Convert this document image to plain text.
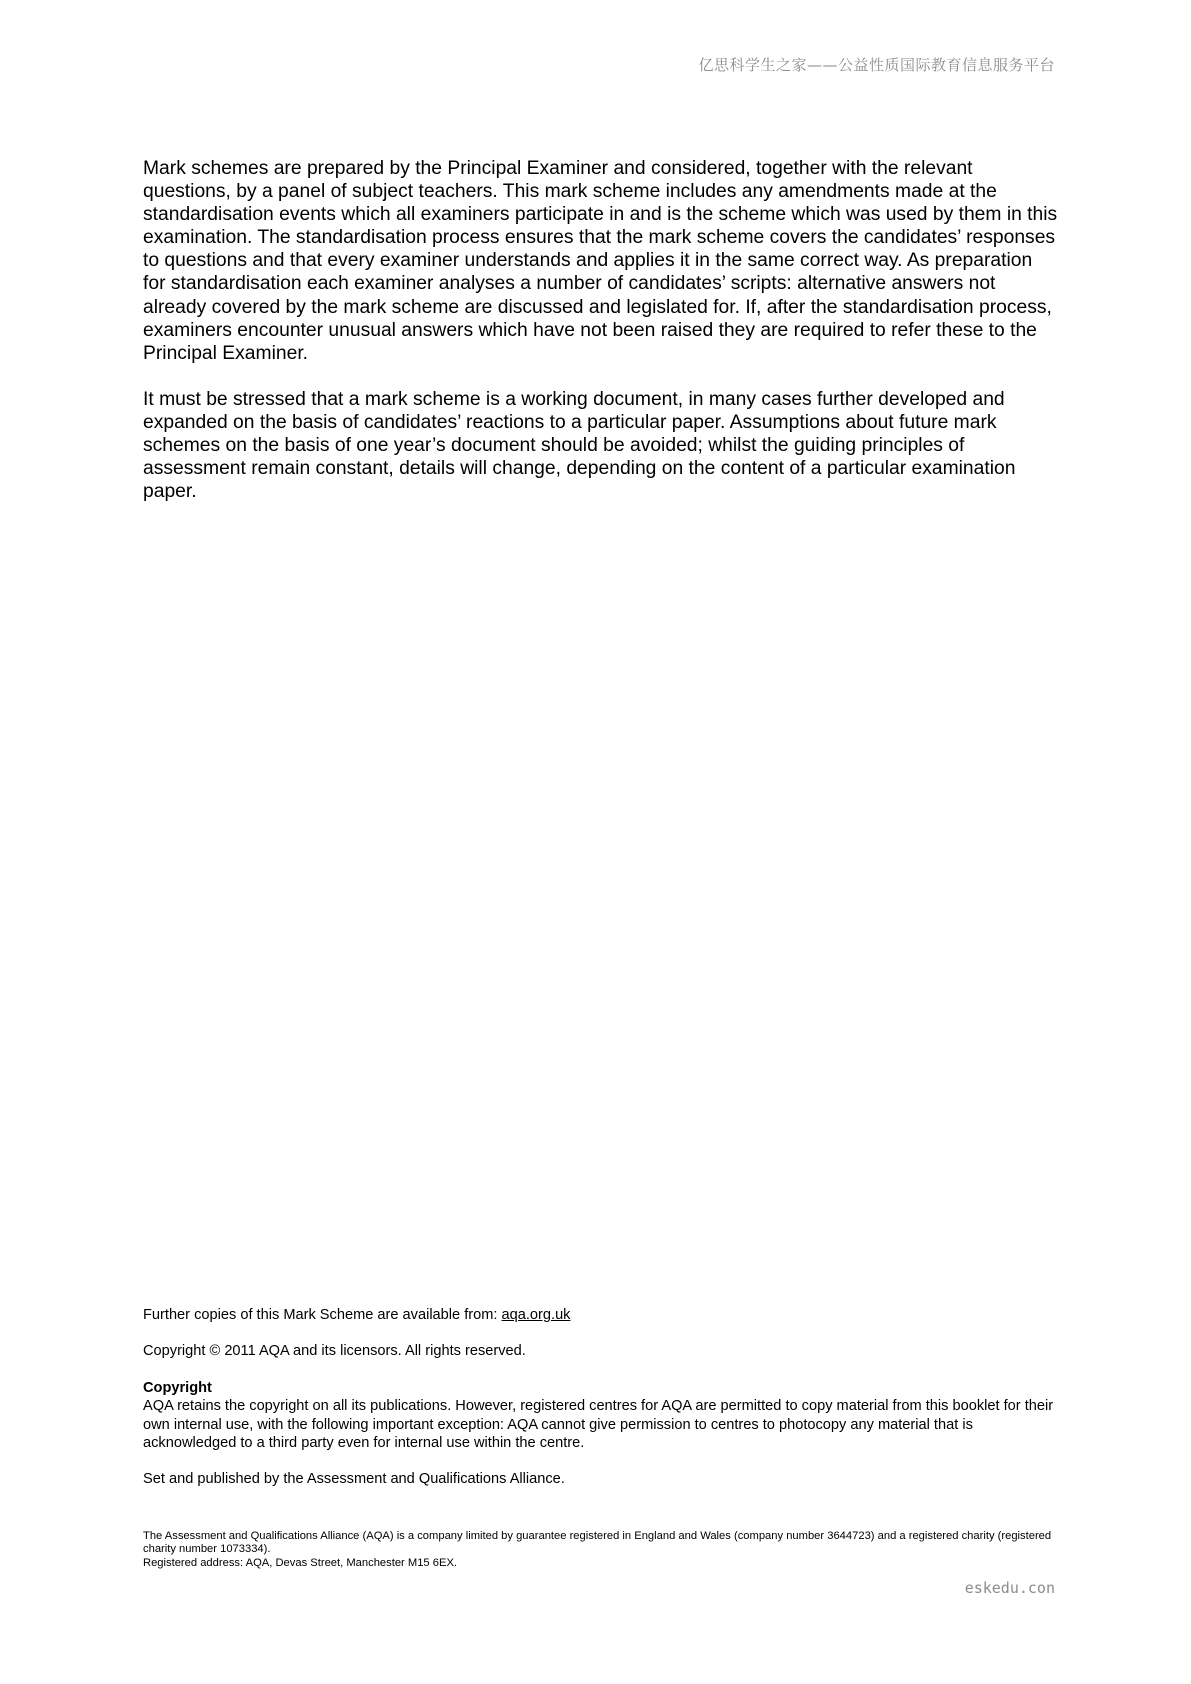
亿思科学生之家——公益性质国际教育信息服务平台

Mark schemes are prepared by the Principal Examiner and considered, together with the relevant questions, by a panel of subject teachers. This mark scheme includes any amendments made at the standardisation events which all examiners participate in and is the scheme which was used by them in this examination. The standardisation process ensures that the mark scheme covers the candidates’ responses to questions and that every examiner understands and applies it in the same correct way. As preparation for standardisation each examiner analyses a number of candidates’ scripts: alternative answers not already covered by the mark scheme are discussed and legislated for. If, after the standardisation process, examiners encounter unusual answers which have not been raised they are required to refer these to the Principal Examiner.

It must be stressed that a mark scheme is a working document, in many cases further developed and expanded on the basis of candidates’ reactions to a particular paper. Assumptions about future mark schemes on the basis of one year’s document should be avoided; whilst the guiding principles of assessment remain constant, details will change, depending on the content of a particular examination paper.

Further copies of this Mark Scheme are available from: aqa.org.uk

Copyright © 2011 AQA and its licensors. All rights reserved.

Copyright
AQA retains the copyright on all its publications. However, registered centres for AQA are permitted to copy material from this booklet for their own internal use, with the following important exception: AQA cannot give permission to centres to photocopy any material that is acknowledged to a third party even for internal use within the centre.

Set and published by the Assessment and Qualifications Alliance.

The Assessment and Qualifications Alliance (AQA) is a company limited by guarantee registered in England and Wales (company number 3644723) and a registered charity (registered charity number 1073334).

Registered address: AQA, Devas Street, Manchester M15 6EX.

eskedu.con
